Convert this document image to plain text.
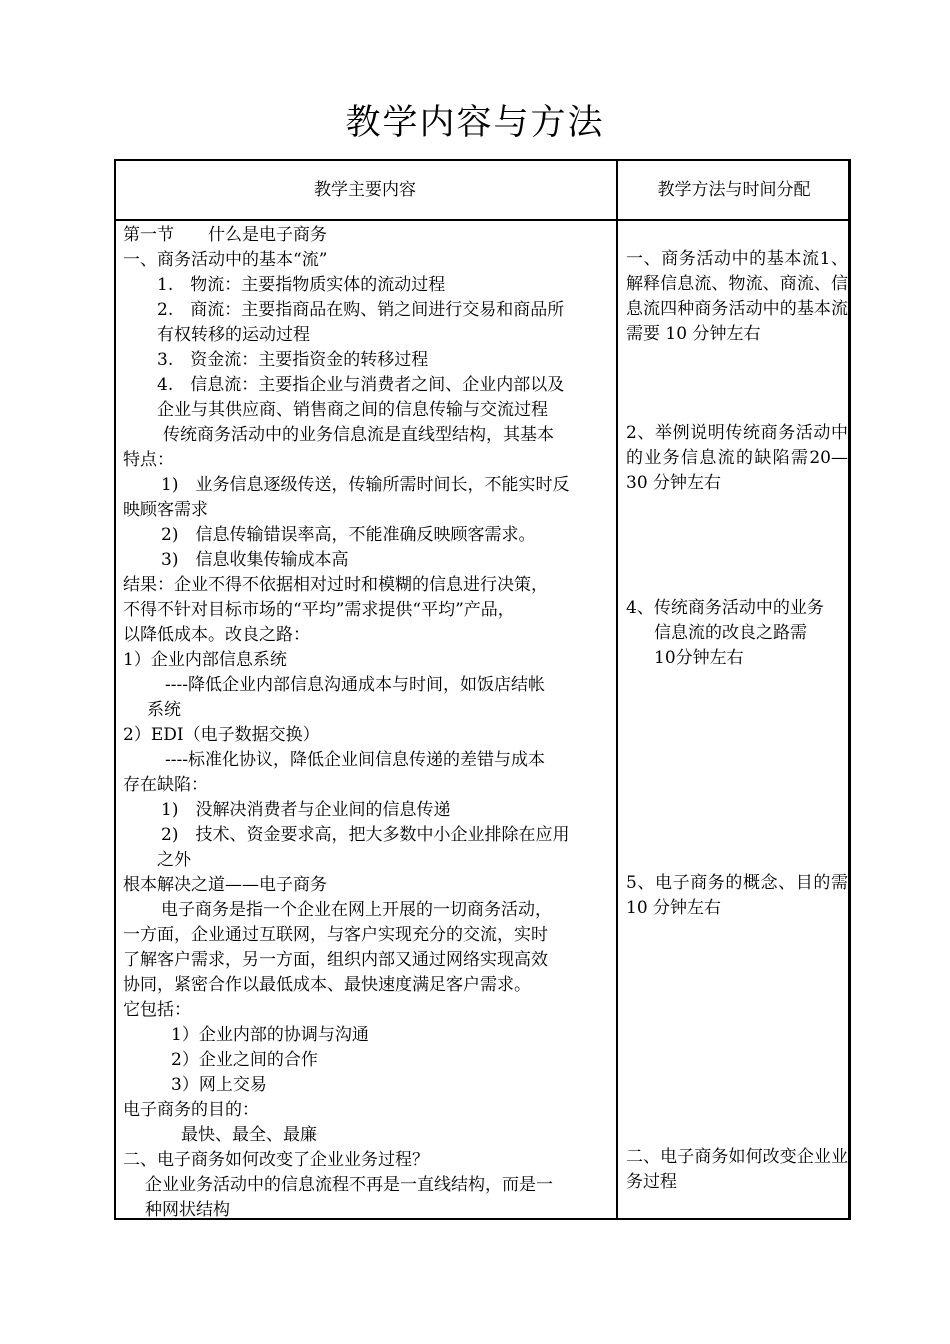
教学内容与方法
教学主要内容	教学方法与时间分配
第一节　　什么是电子商务
一、商务活动中的基本“流”
1.　物流：主要指物质实体的流动过程
2.　商流：主要指商品在购、销之间进行交易和商品所
有权转移的运动过程
3.　资金流：主要指资金的转移过程
4.　信息流：主要指企业与消费者之间、企业内部以及
企业与其供应商、销售商之间的信息传输与交流过程
传统商务活动中的业务信息流是直线型结构，其基本
特点：
1)　业务信息逐级传送，传输所需时间长，不能实时反
映顾客需求
2)　信息传输错误率高，不能准确反映顾客需求。
3)　信息收集传输成本高
结果：企业不得不依据相对过时和模糊的信息进行决策，
不得不针对目标市场的“平均”需求提供“平均”产品，
以降低成本。改良之路：
1）企业内部信息系统
----降低企业内部信息沟通成本与时间，如饭店结帐
系统
2）EDI（电子数据交换）
----标准化协议，降低企业间信息传递的差错与成本
存在缺陷：
1)　没解决消费者与企业间的信息传递
2)　技术、资金要求高，把大多数中小企业排除在应用
之外
根本解决之道——电子商务
电子商务是指一个企业在网上开展的一切商务活动，
一方面，企业通过互联网，与客户实现充分的交流，实时
了解客户需求，另一方面，组织内部又通过网络实现高效
协同，紧密合作以最低成本、最快速度满足客户需求。
它包括：
1）企业内部的协调与沟通
2）企业之间的合作
3）网上交易
电子商务的目的：
最快、最全、最廉
二、电子商务如何改变了企业业务过程？
企业业务活动中的信息流程不再是一直线结构，而是一
种网状结构
一、商务活动中的基本流1、解释信息流、物流、商流、信息流四种商务活动中的基本流需要 10 分钟左右
2、举例说明传统商务活动中的业务信息流的缺陷需20—30 分钟左右
4、传统商务活动中的业务
信息流的改良之路需
10分钟左右
5、电子商务的概念、目的需 10 分钟左右
二、电子商务如何改变企业业务过程
